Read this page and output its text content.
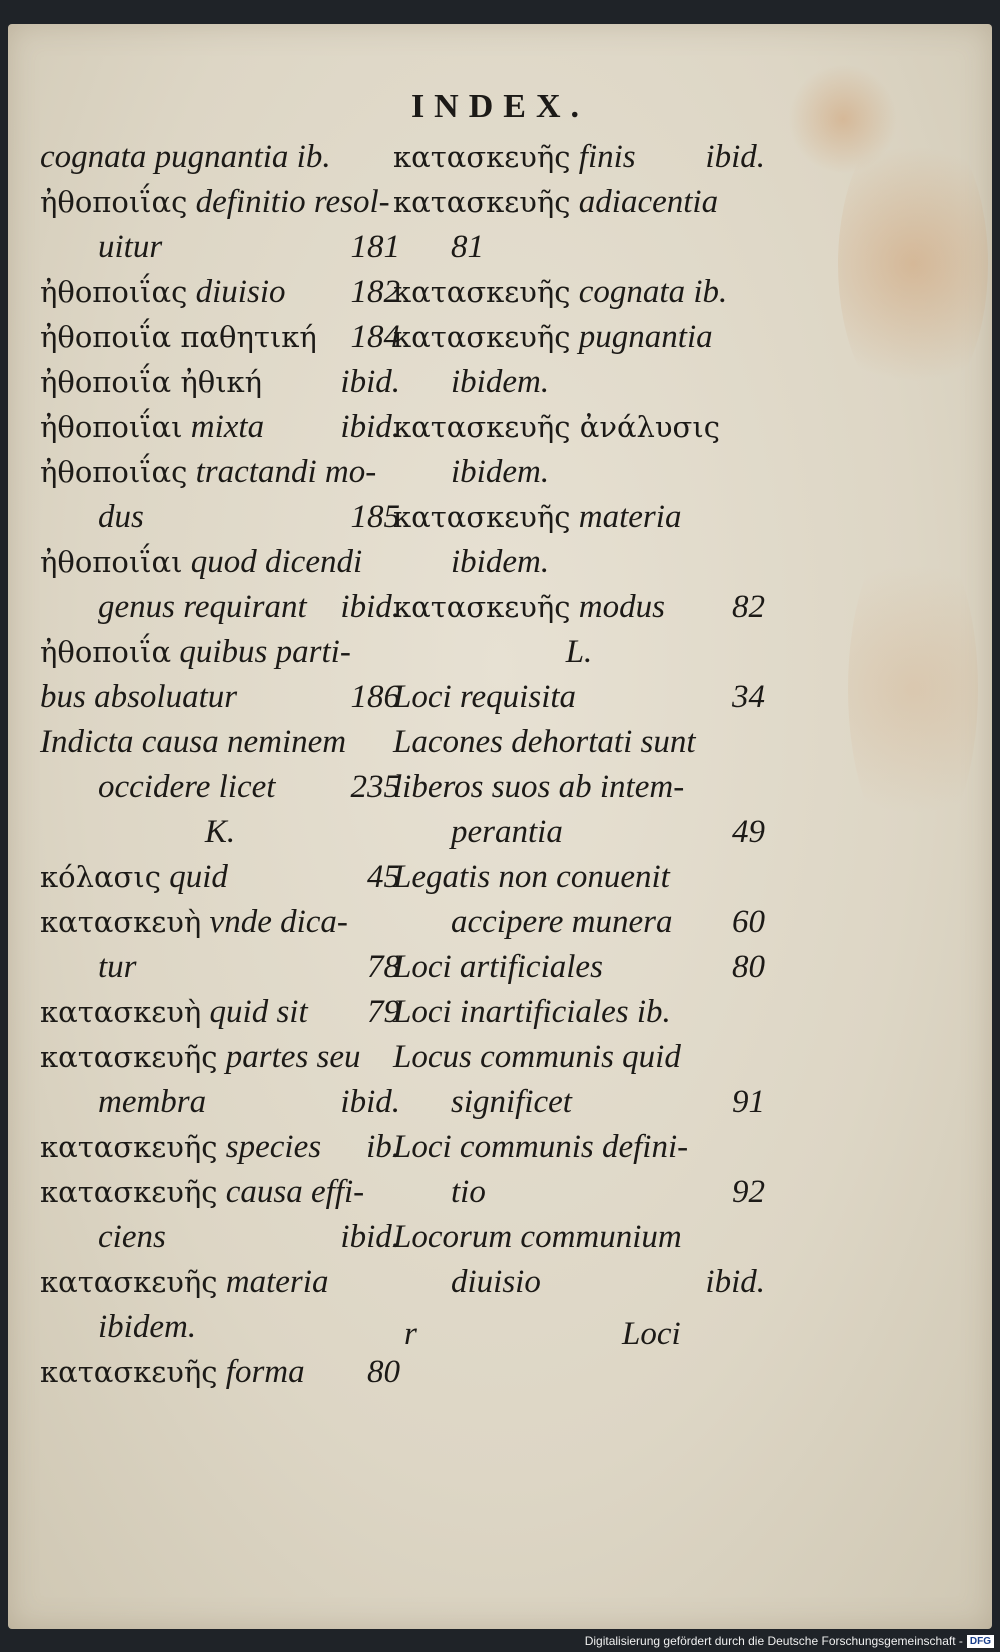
INDEX.
cognata pugnantia ib.
ἠθοποιΐας definitio resol-
uitur	181
ἠθοποιΐας diuisio 182
ἠθοποιΐα παθητική 184
ἠθοποιΐα ἠθική ibid.
ἠθοποιΐαι mixta ibid.
ἠθοποιΐας tractandi mo-
dus	185
ἠθοποιΐαι quod dicendi
genus requirant ibid.
ἠθοποιΐα quibus parti-
bus absoluatur	186
Indicta causa neminem
occidere licet 235
K.
κόλασις quid	45
κατασκευὴ vnde dica-
tur	78
κατασκευὴ quid sit 79
κατασκευῆς partes seu
membra	ibid.
κατασκευῆς species ib.
κατασκευῆς causa effi-
ciens	ibid.
κατασκευῆς materia
ibidem.
κατασκευῆς forma 80
κατασκευῆς finis ibid.
κατασκευῆς adiacentia
81
κατασκευῆς cognata ib.
κατασκευῆς pugnantia
ibidem.
κατασκευῆς ἀνάλυσις
ibidem.
κατασκευῆς materia
ibidem.
κατασκευῆς modus 82
L.
Loci requisita	34
Lacones dehortati sunt
liberos suos ab intem-
perantia	49
Legatis non conuenit
accipere munera 60
Loci artificiales	80
Loci inartificiales ib.
Locus communis quid
significet	91
Loci communis defini-
tio	92
Locorum communium
diuisio	ibid.
r	Loci
Digitalisierung gefördert durch die Deutsche Forschungsgemeinschaft - DFG
